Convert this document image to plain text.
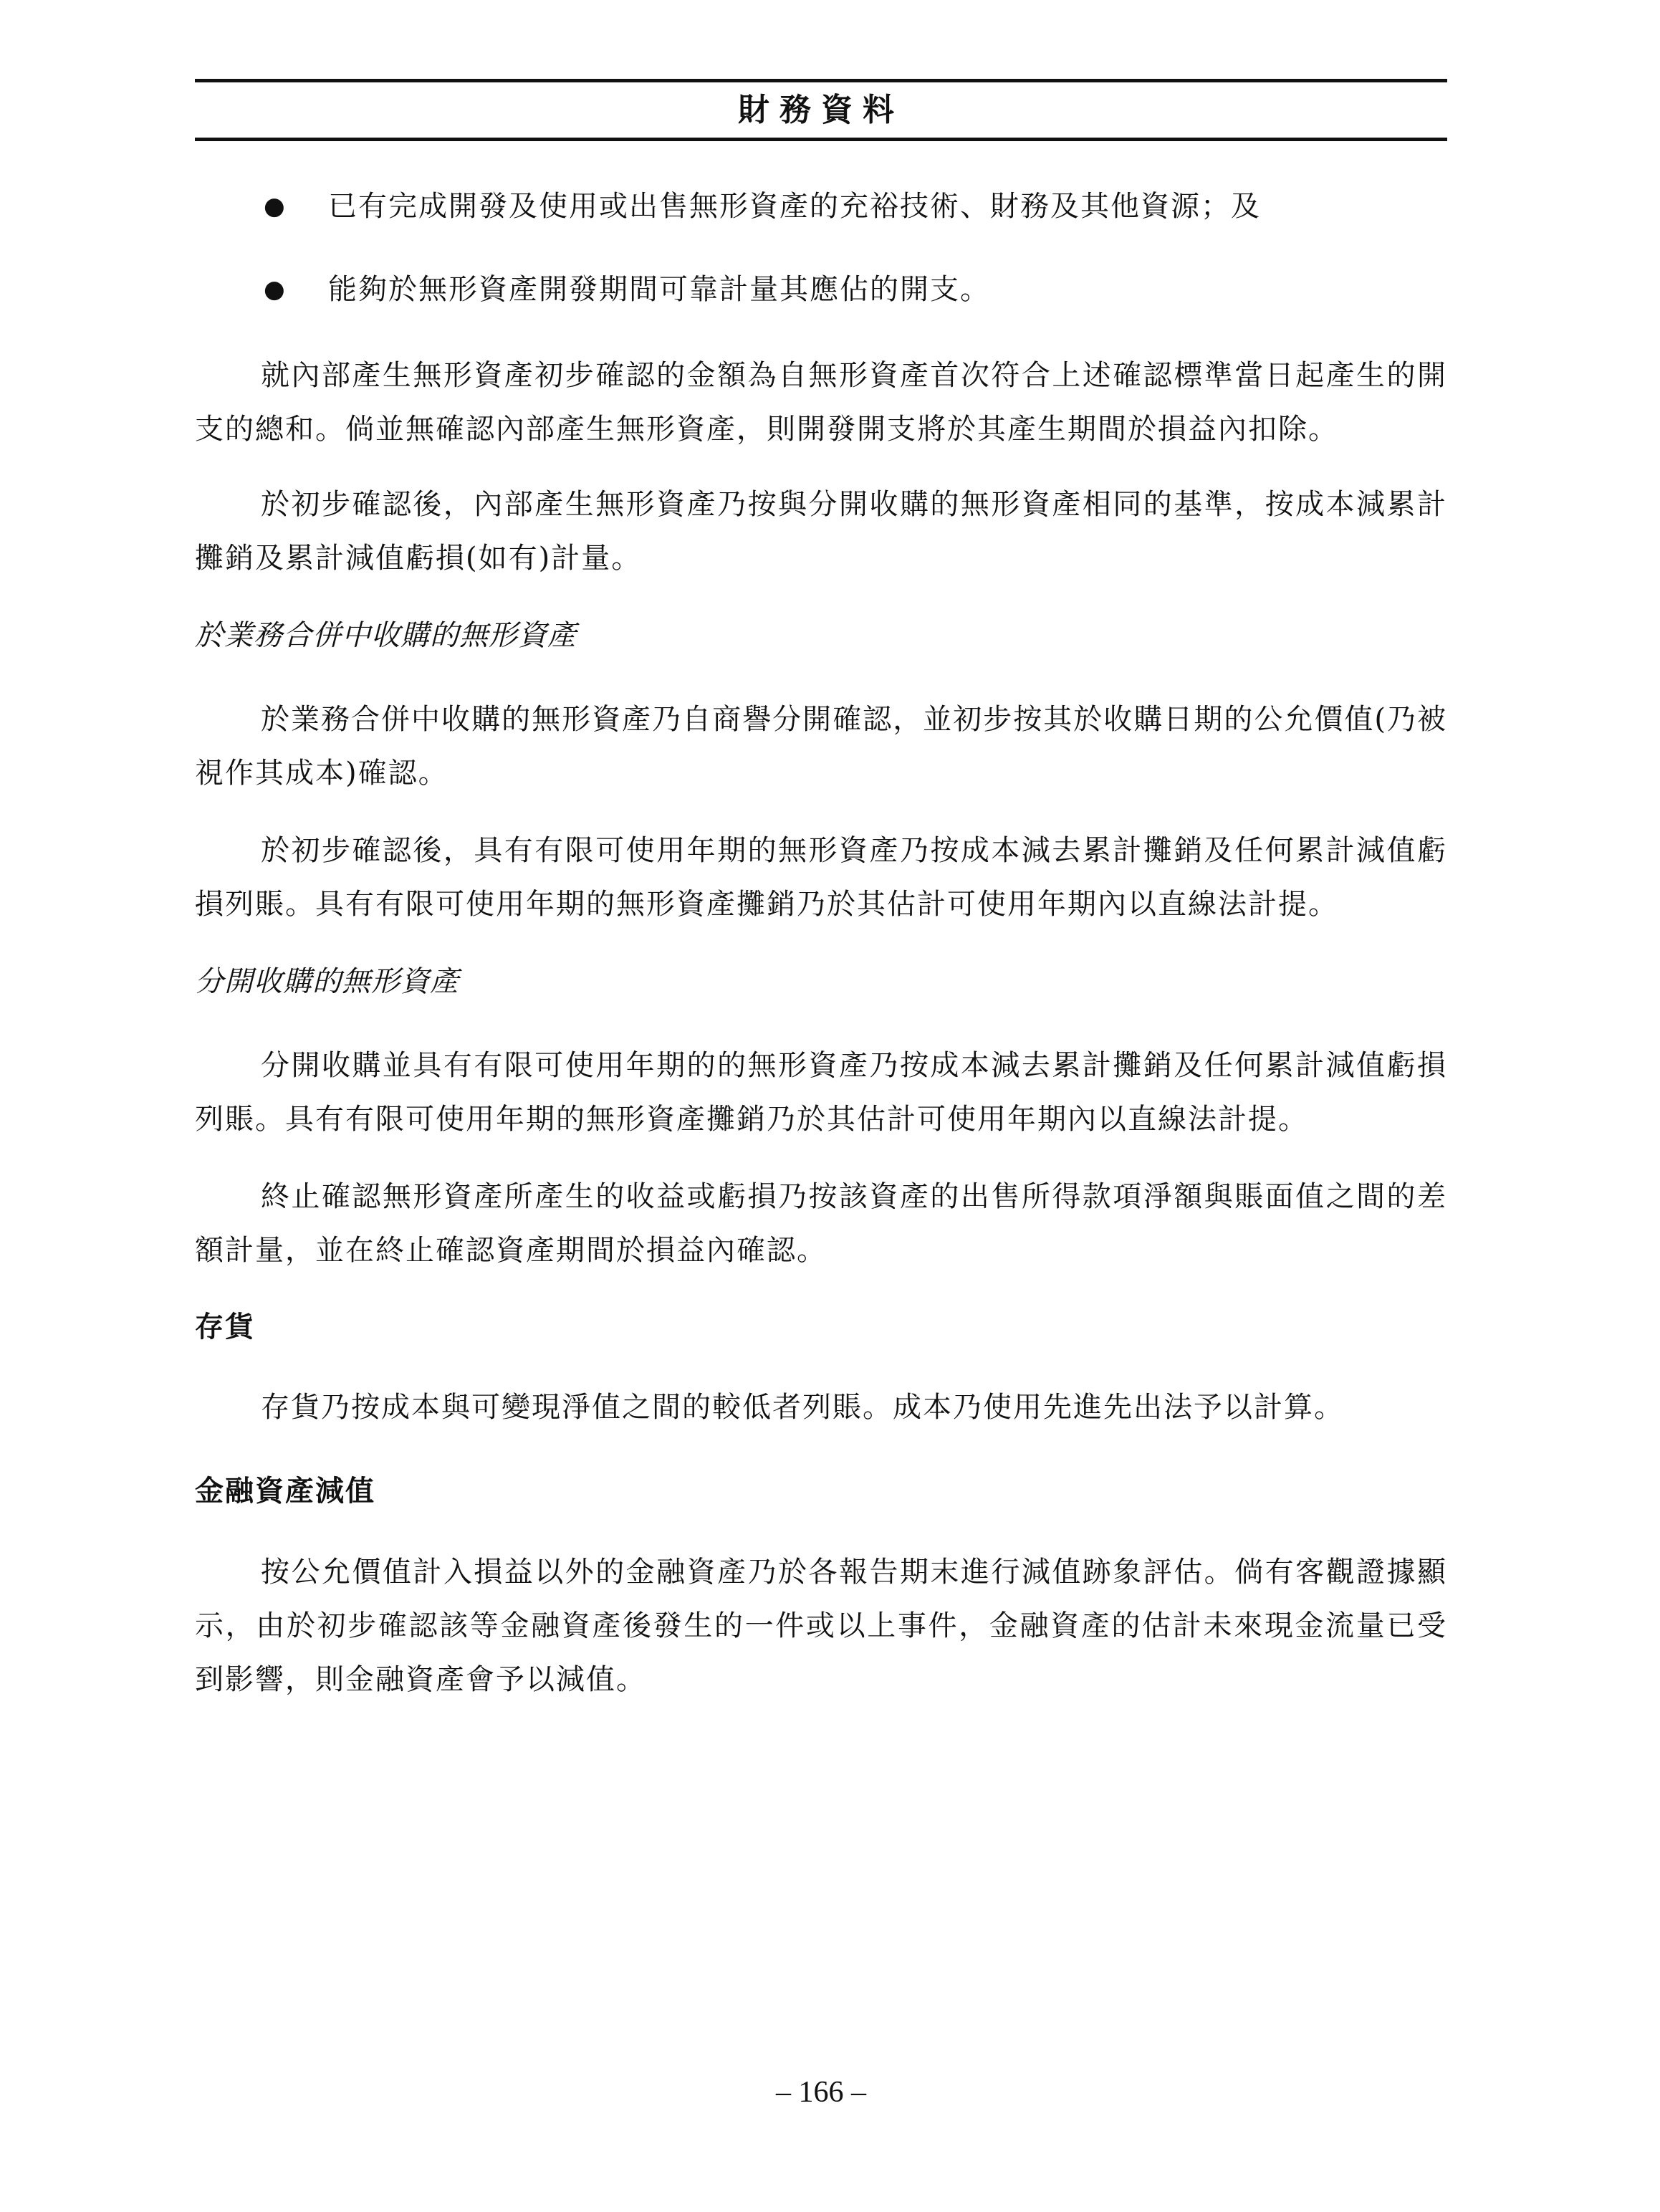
財務資料
● 已有完成開發及使用或出售無形資產的充裕技術、財務及其他資源；及
● 能夠於無形資產開發期間可靠計量其應佔的開支。

就內部產生無形資產初步確認的金額為自無形資產首次符合上述確認標準當日起產生的開支的總和。倘並無確認內部產生無形資產，則開發開支將於其產生期間於損益內扣除。

於初步確認後，內部產生無形資產乃按與分開收購的無形資產相同的基準，按成本減累計攤銷及累計減值虧損(如有)計量。

於業務合併中收購的無形資產

於業務合併中收購的無形資產乃自商譽分開確認，並初步按其於收購日期的公允價值(乃被視作其成本)確認。

於初步確認後，具有有限可使用年期的無形資產乃按成本減去累計攤銷及任何累計減值虧損列賬。具有有限可使用年期的無形資產攤銷乃於其估計可使用年期內以直線法計提。

分開收購的無形資產

分開收購並具有有限可使用年期的的無形資產乃按成本減去累計攤銷及任何累計減值虧損列賬。具有有限可使用年期的無形資產攤銷乃於其估計可使用年期內以直線法計提。

終止確認無形資產所產生的收益或虧損乃按該資產的出售所得款項淨額與賬面值之間的差額計量，並在終止確認資產期間於損益內確認。

存貨

存貨乃按成本與可變現淨值之間的較低者列賬。成本乃使用先進先出法予以計算。

金融資產減值

按公允價值計入損益以外的金融資產乃於各報告期末進行減值跡象評估。倘有客觀證據顯示，由於初步確認該等金融資產後發生的一件或以上事件，金融資產的估計未來現金流量已受到影響，則金融資產會予以減值。

– 166 –
